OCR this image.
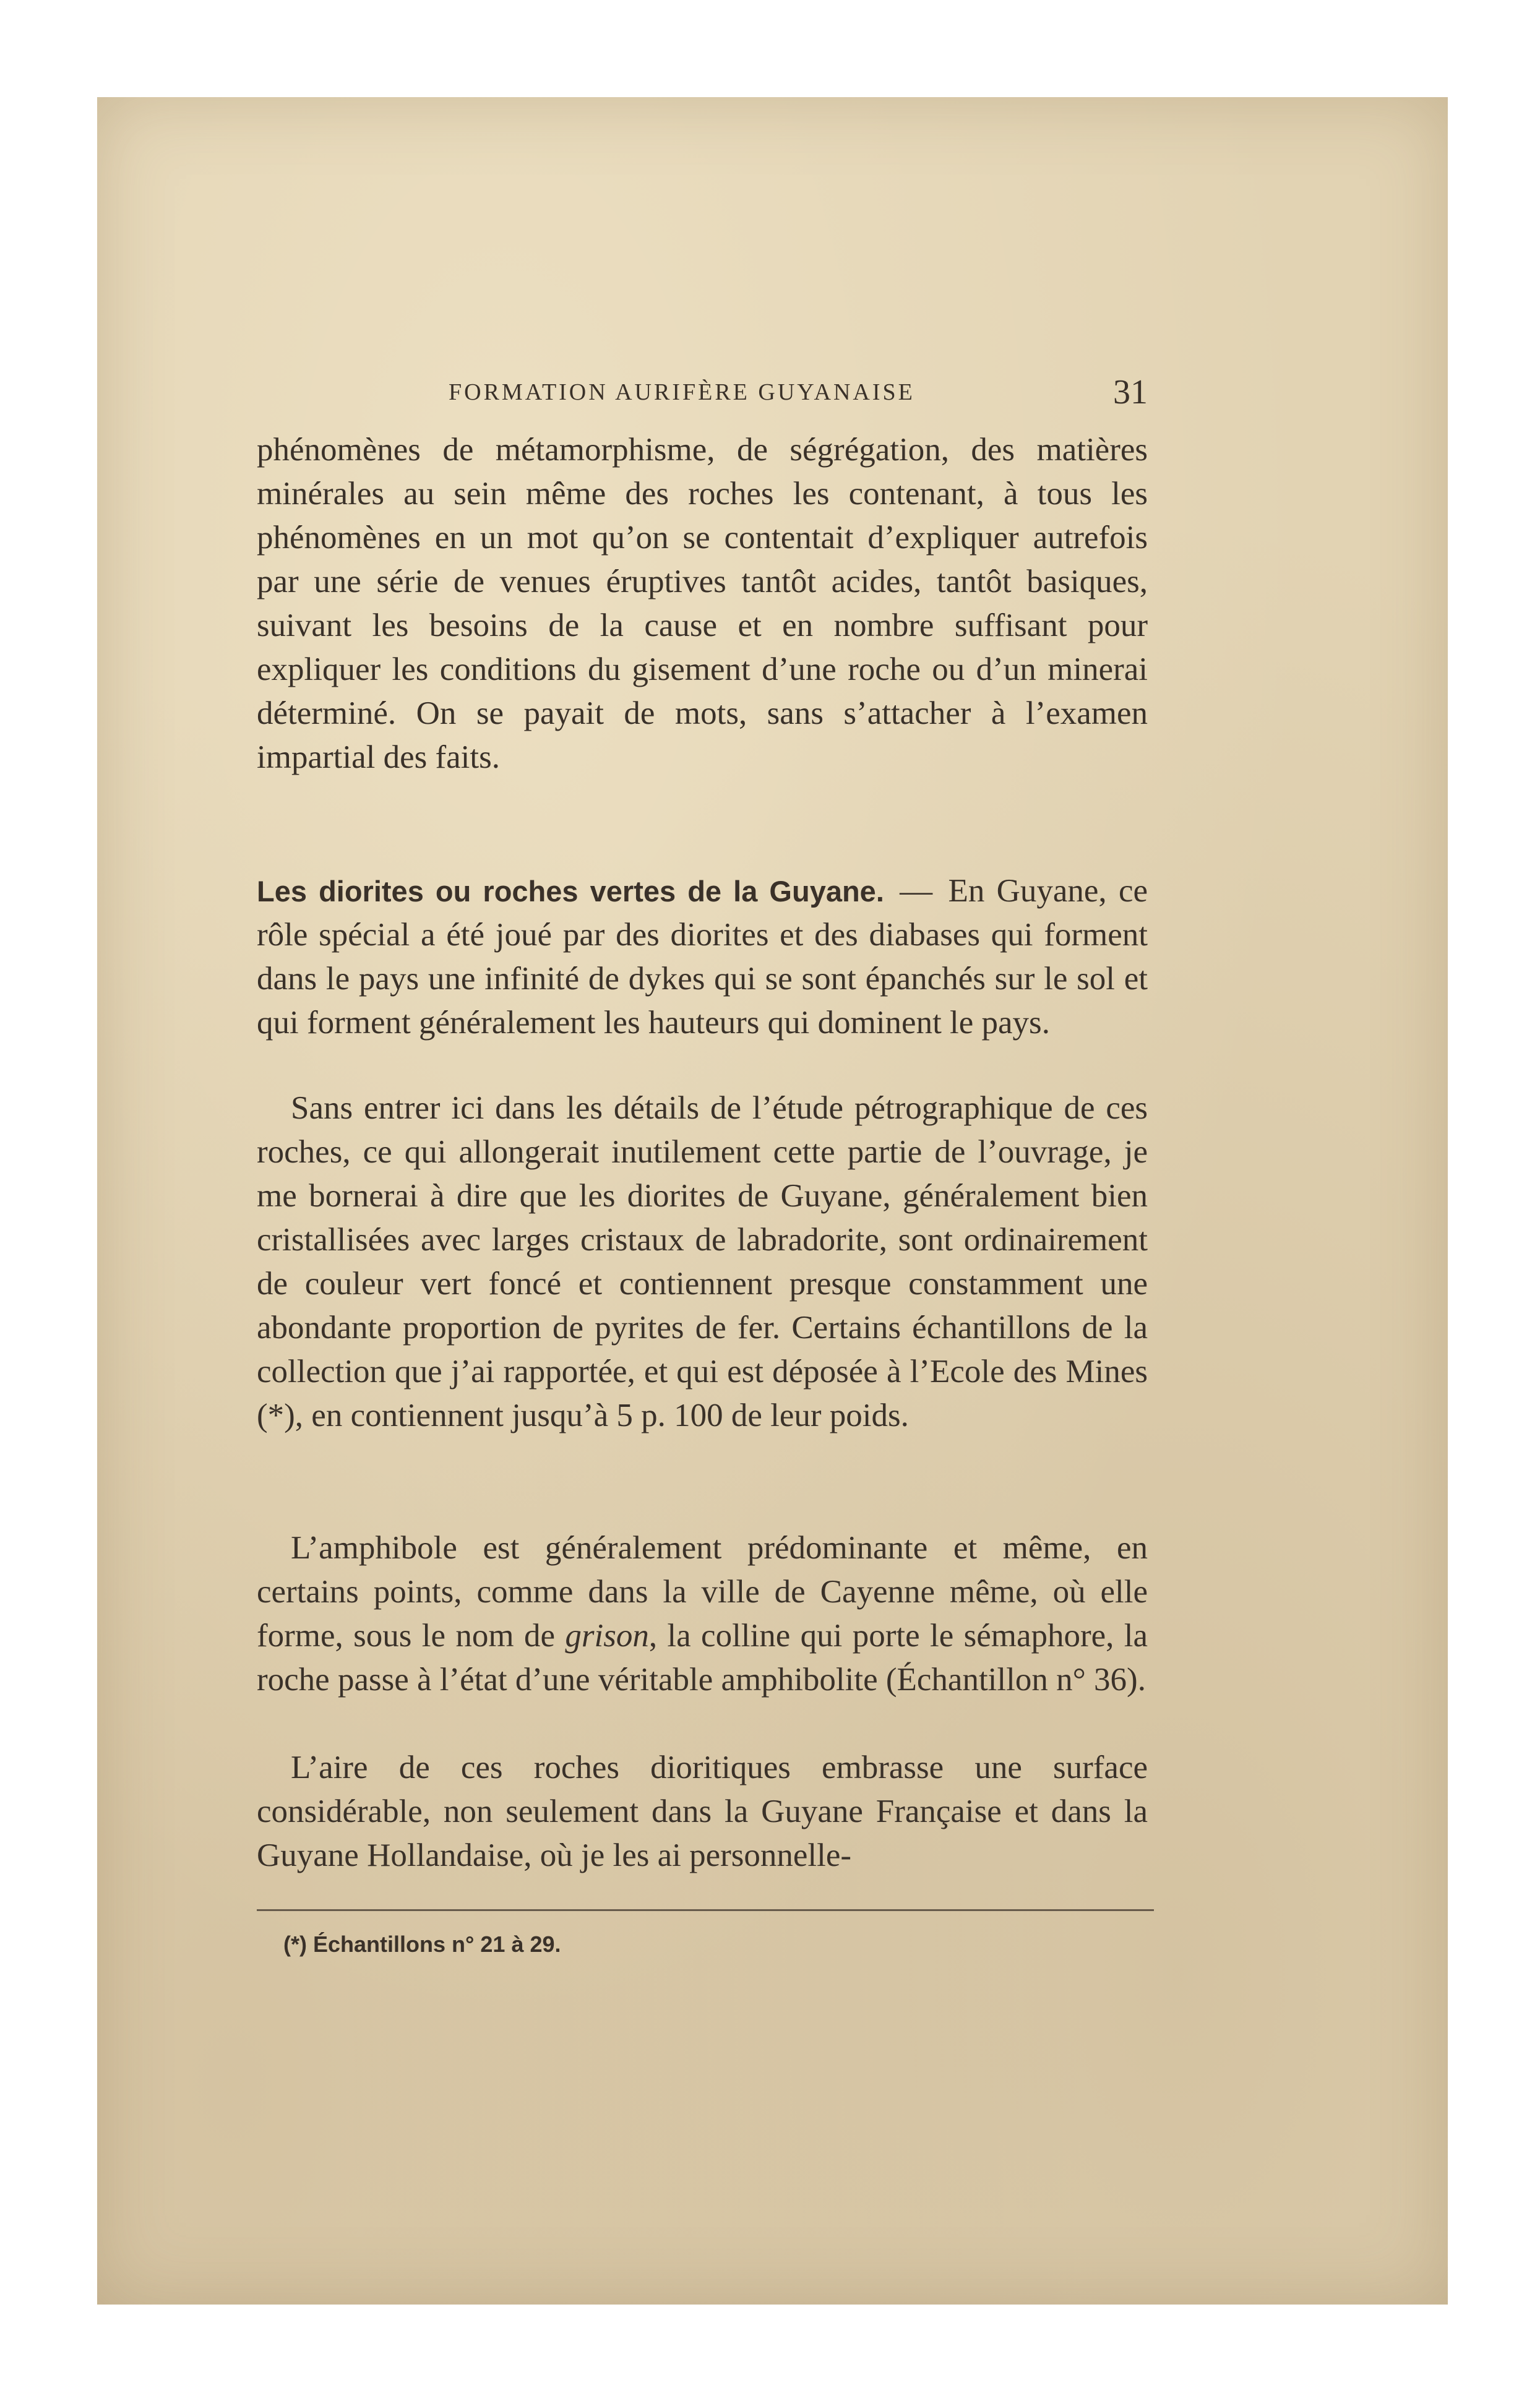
FORMATION AURIFÈRE GUYANAISE	31

phénomènes de métamorphisme, de ségrégation, des matières minérales au sein même des roches les contenant, à tous les phénomènes en un mot qu’on se contentait d’expliquer autrefois par une série de venues éruptives tantôt acides, tantôt basiques, suivant les besoins de la cause et en nombre suffisant pour expliquer les conditions du gisement d’une roche ou d’un minerai déterminé. On se payait de mots, sans s’attacher à l’examen impartial des faits.

Les diorites ou roches vertes de la Guyane. — En Guyane, ce rôle spécial a été joué par des diorites et des diabases qui forment dans le pays une infinité de dykes qui se sont épanchés sur le sol et qui forment généralement les hauteurs qui dominent le pays.

Sans entrer ici dans les détails de l’étude pétrographique de ces roches, ce qui allongerait inutilement cette partie de l’ouvrage, je me bornerai à dire que les diorites de Guyane, généralement bien cristallisées avec larges cristaux de labradorite, sont ordinairement de couleur vert foncé et contiennent presque constamment une abondante proportion de pyrites de fer. Certains échantillons de la collection que j’ai rapportée, et qui est déposée à l’Ecole des Mines (*), en contiennent jusqu’à 5 p. 100 de leur poids.

L’amphibole est généralement prédominante et même, en certains points, comme dans la ville de Cayenne même, où elle forme, sous le nom de grison, la colline qui porte le sémaphore, la roche passe à l’état d’une véritable amphibolite (Échantillon n° 36).

L’aire de ces roches dioritiques embrasse une surface considérable, non seulement dans la Guyane Française et dans la Guyane Hollandaise, où je les ai personnelle-

(*) Échantillons n° 21 à 29.
